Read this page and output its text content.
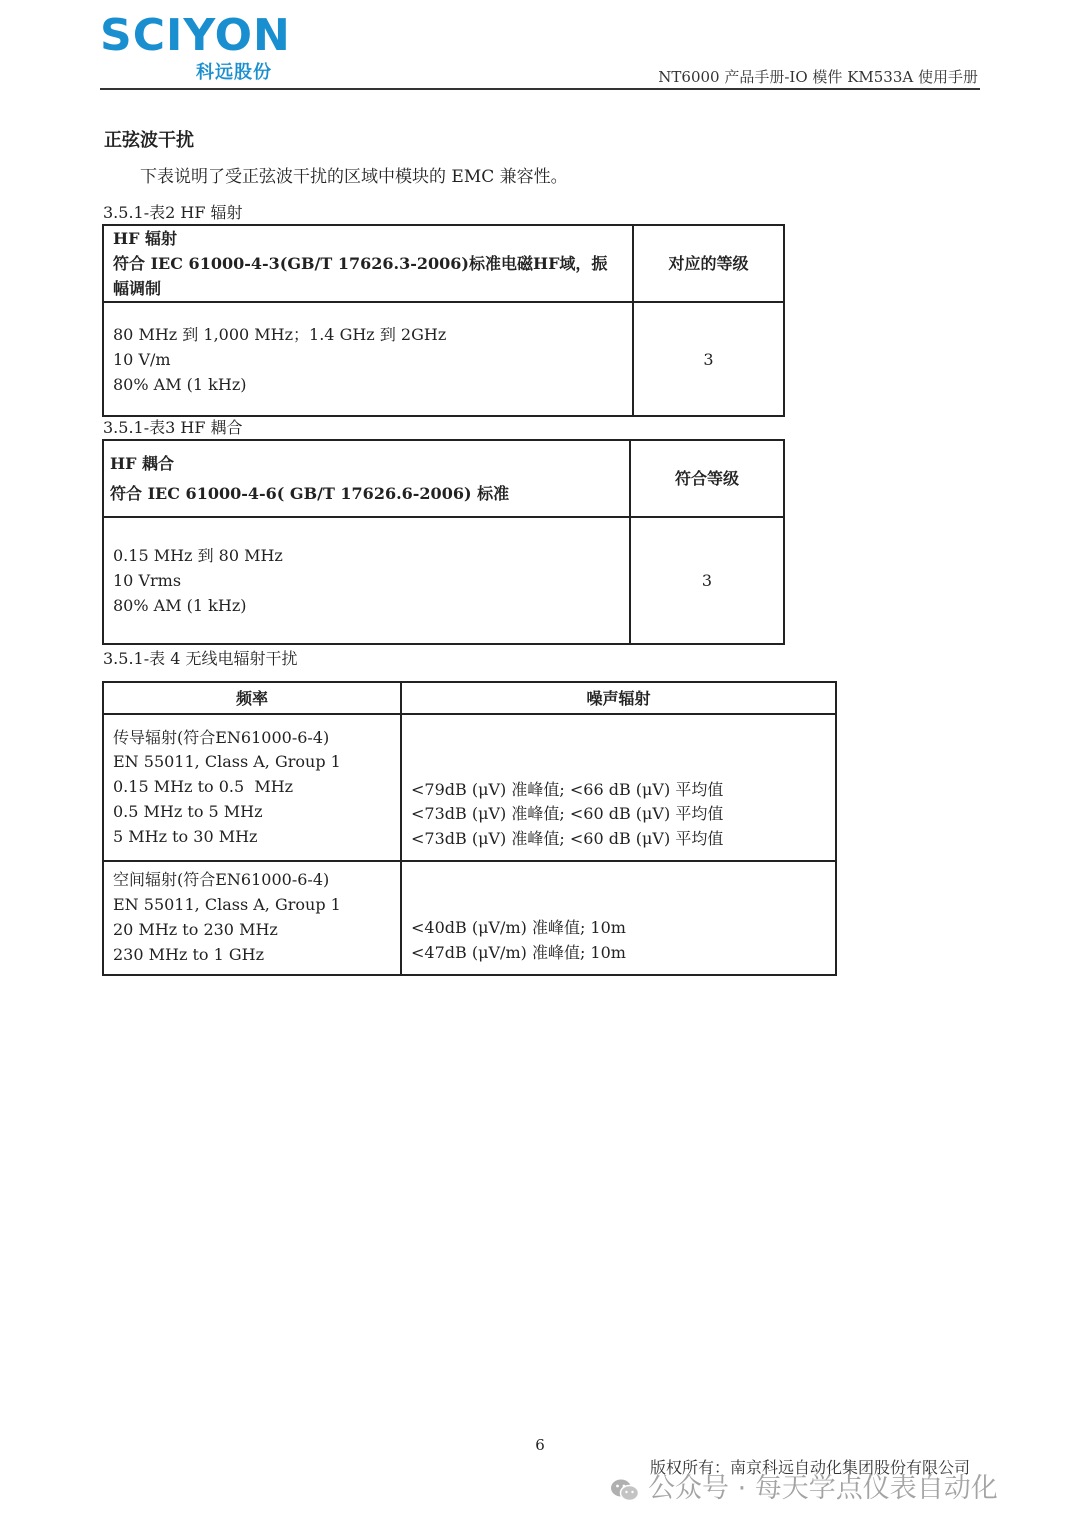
SCIYON
科远股份	NT6000 产品手册-IO 模件 KM533A 使用手册
正弦波干扰
下表说明了受正弦波干扰的区域中模块的 EMC 兼容性。
3.5.1-表2 HF 辐射
HF 辐射
符合 IEC 61000-4-3(GB/T 17626.3-2006)标准电磁HF域，振
幅调制	对应的等级

80 MHz 到 1,000 MHz；1.4 GHz 到 2GHz
10 V/m
80% AM (1 kHz)	3
3.5.1-表3 HF 耦合
HF 耦合
符合 IEC 61000-4-6( GB/T 17626.6-2006) 标准	符合等级

0.15 MHz 到 80 MHz
10 Vrms
80% AM (1 kHz)	3
3.5.1-表 4 无线电辐射干扰
频率	噪声辐射

传导辐射(符合EN61000-6-4)
EN 55011, Class A, Group 1
0.15 MHz to 0.5  MHz
0.5 MHz to 5 MHz
5 MHz to 30 MHz	<79dB (μV) 准峰值; <66 dB (μV) 平均值
<73dB (μV) 准峰值; <60 dB (μV) 平均值
<73dB (μV) 准峰值; <60 dB (μV) 平均值

空间辐射(符合EN61000-6-4)
EN 55011, Class A, Group 1
20 MHz to 230 MHz
230 MHz to 1 GHz	<40dB (μV/m) 准峰值; 10m
<47dB (μV/m) 准峰值; 10m
6
版权所有：南京科远自动化集团股份有限公司
公众号 · 每天学点仪表自动化
